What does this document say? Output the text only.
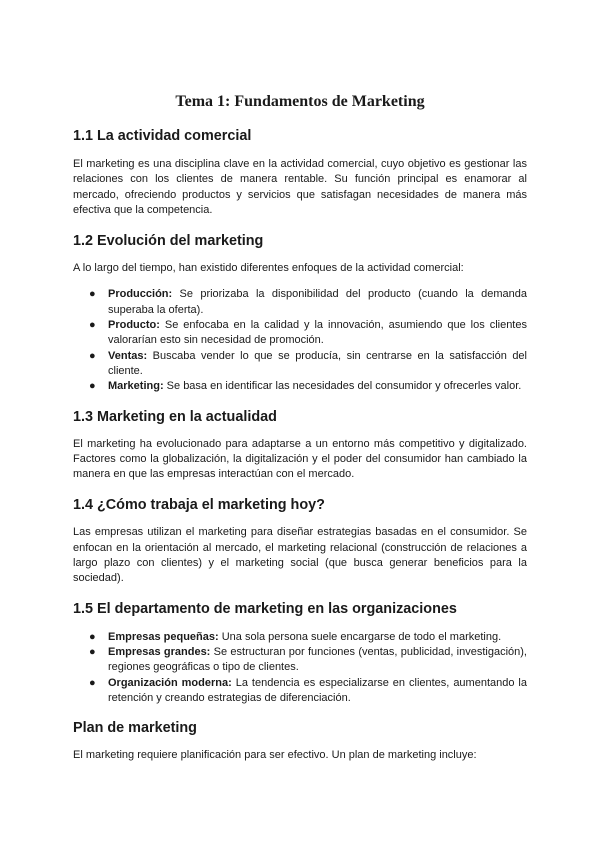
Tema 1: Fundamentos de Marketing
1.1 La actividad comercial

El marketing es una disciplina clave en la actividad comercial, cuyo objetivo es gestionar las relaciones con los clientes de manera rentable. Su función principal es enamorar al mercado, ofreciendo productos y servicios que satisfagan necesidades de manera más efectiva que la competencia.

1.2 Evolución del marketing

A lo largo del tiempo, han existido diferentes enfoques de la actividad comercial:

● Producción: Se priorizaba la disponibilidad del producto (cuando la demanda superaba la oferta).
● Producto: Se enfocaba en la calidad y la innovación, asumiendo que los clientes valorarían esto sin necesidad de promoción.
● Ventas: Buscaba vender lo que se producía, sin centrarse en la satisfacción del cliente.
● Marketing: Se basa en identificar las necesidades del consumidor y ofrecerles valor.
1.3 Marketing en la actualidad

El marketing ha evolucionado para adaptarse a un entorno más competitivo y digitalizado. Factores como la globalización, la digitalización y el poder del consumidor han cambiado la manera en que las empresas interactúan con el mercado.

1.4 ¿Cómo trabaja el marketing hoy?

Las empresas utilizan el marketing para diseñar estrategias basadas en el consumidor. Se enfocan en la orientación al mercado, el marketing relacional (construcción de relaciones a largo plazo con clientes) y el marketing social (que busca generar beneficios para la sociedad).

1.5 El departamento de marketing en las organizaciones
● Empresas pequeñas: Una sola persona suele encargarse de todo el marketing.
● Empresas grandes: Se estructuran por funciones (ventas, publicidad, investigación), regiones geográficas o tipo de clientes.
● Organización moderna: La tendencia es especializarse en clientes, aumentando la retención y creando estrategias de diferenciación.
Plan de marketing

El marketing requiere planificación para ser efectivo. Un plan de marketing incluye:
